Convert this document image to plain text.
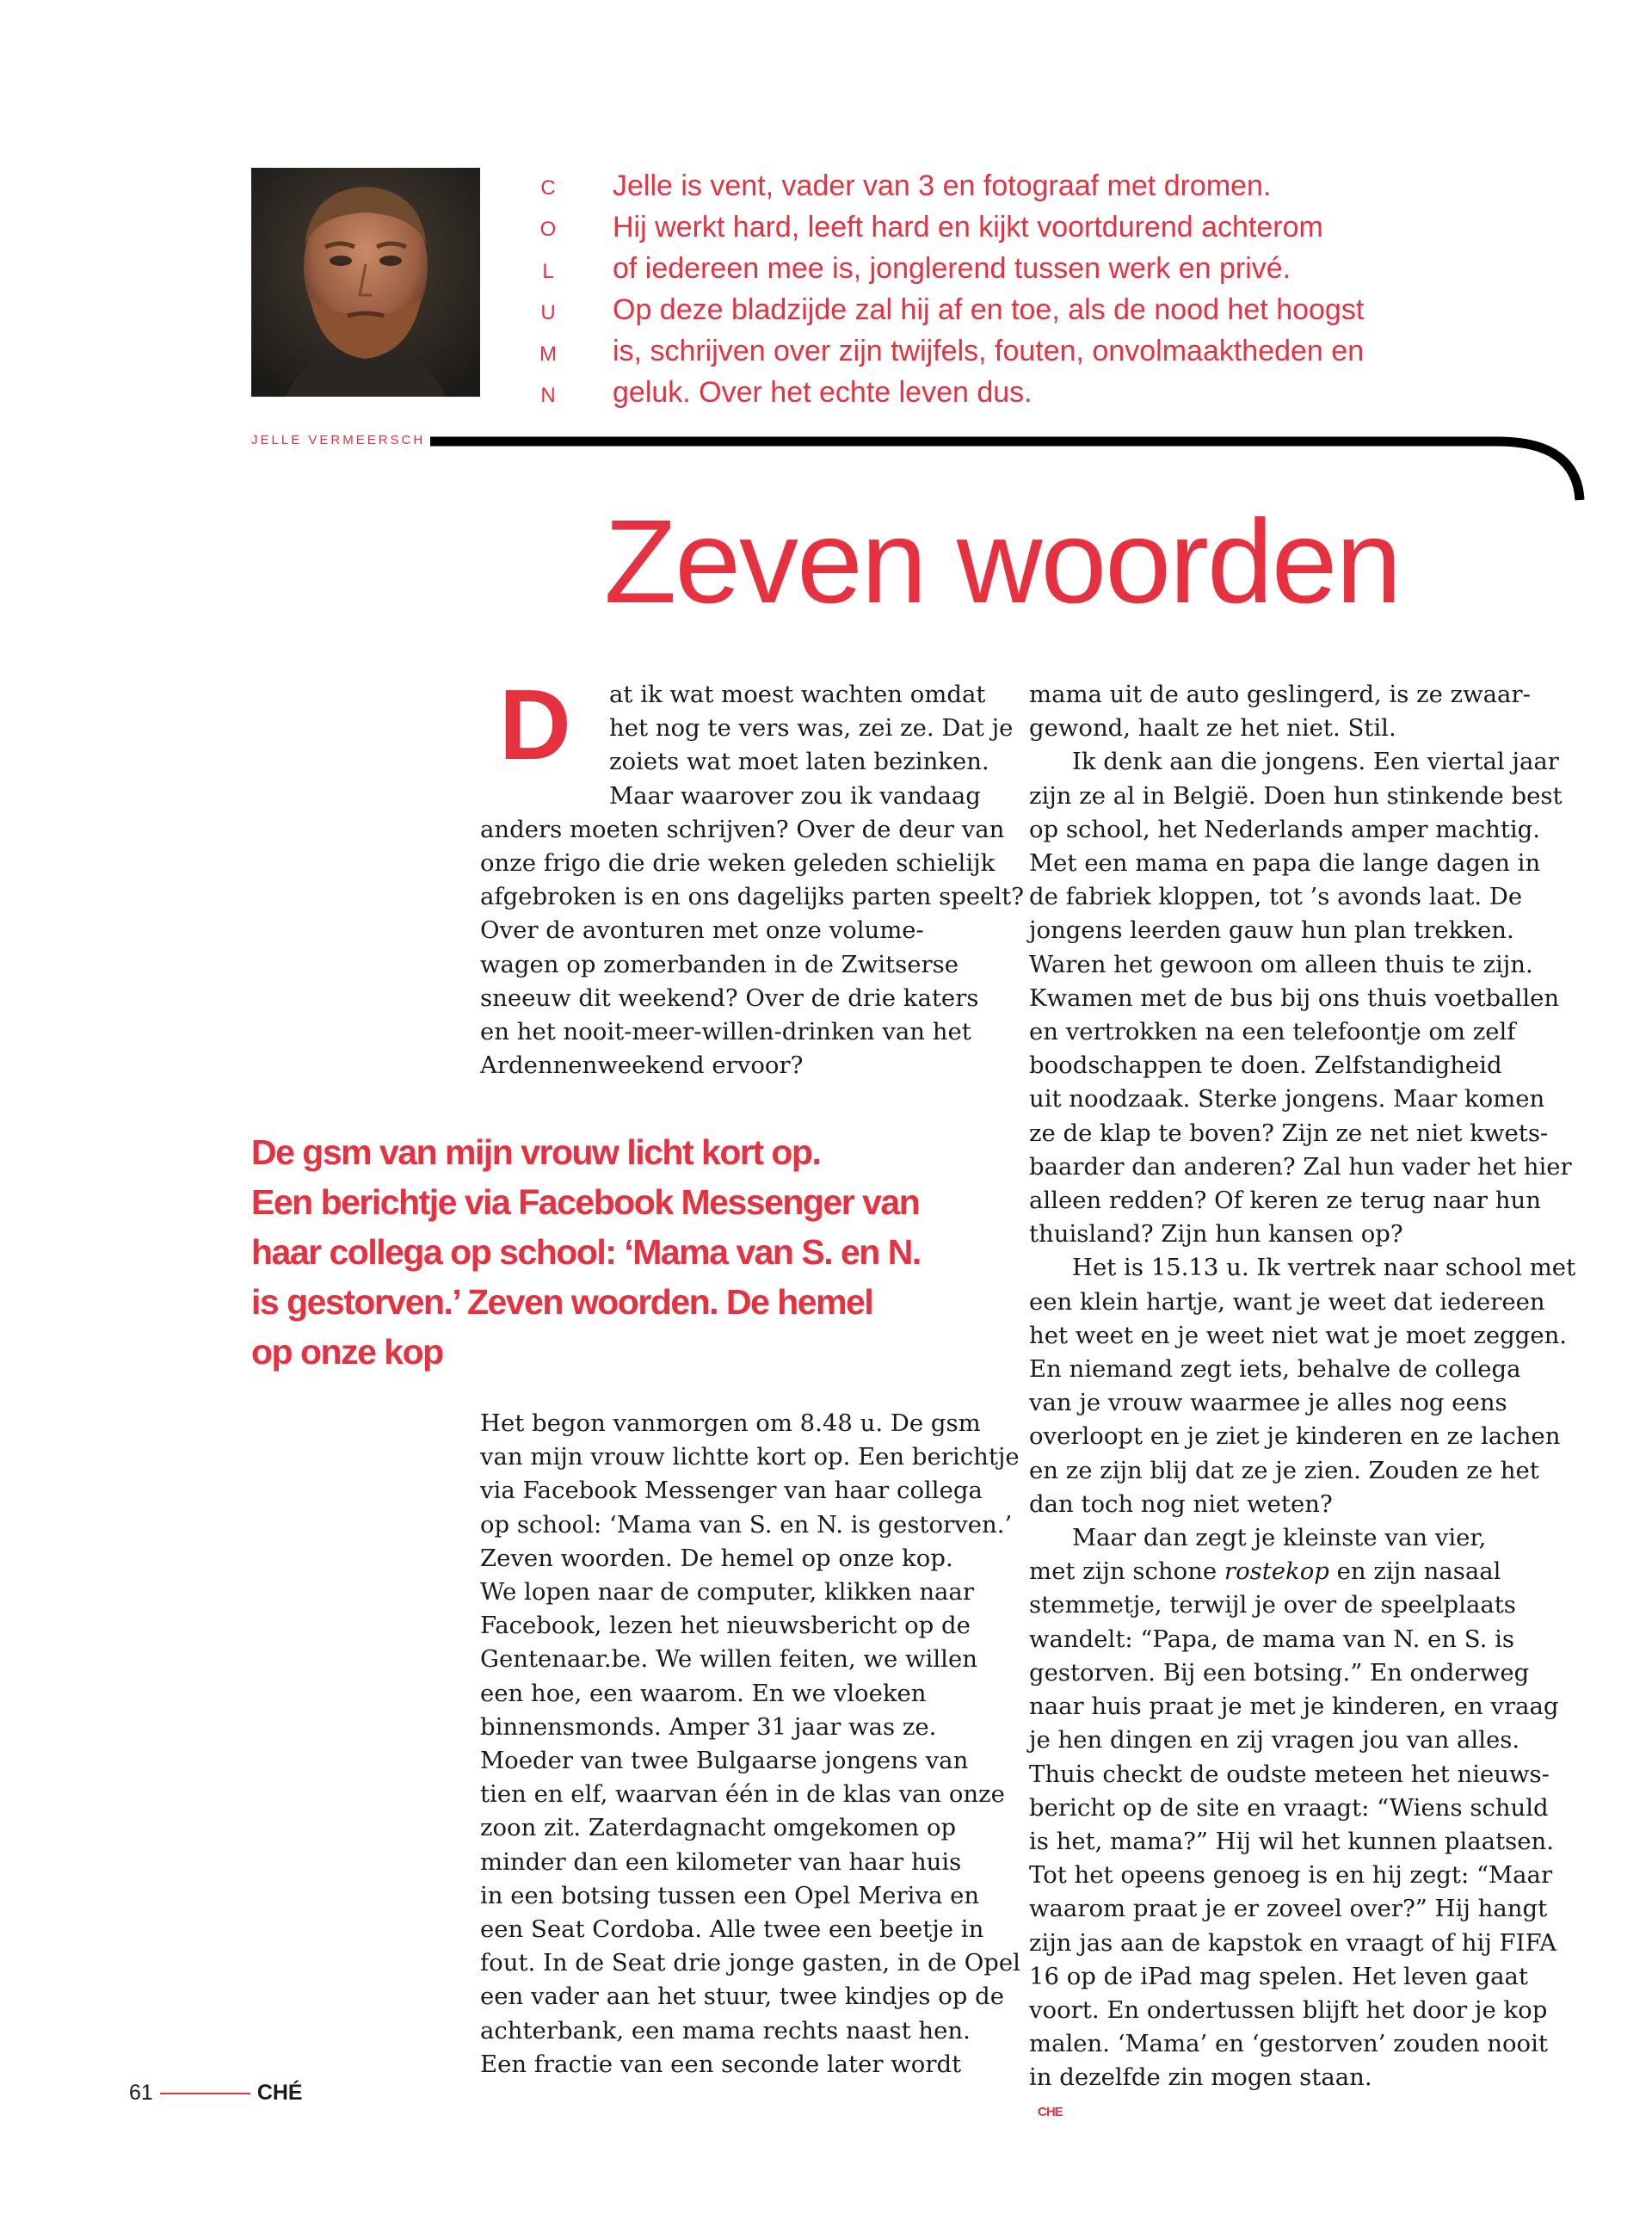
C
O
L
U
M
N
Jelle is vent, vader van 3 en fotograaf met dromen.
Hij werkt hard, leeft hard en kijkt voortdurend achterom
of iedereen mee is, jonglerend tussen werk en privé.
Op deze bladzijde zal hij af en toe, als de nood het hoogst
is, schrijven over zijn twijfels, fouten, onvolmaaktheden en
geluk. Over het echte leven dus.
JELLE VERMEERSCH
Zeven woorden
D	at ik wat moest wachten omdat
het nog te vers was, zei ze. Dat je
zoiets wat moet laten bezinken.
Maar waarover zou ik vandaag
anders moeten schrijven? Over de deur van
onze frigo die drie weken geleden schielijk
afgebroken is en ons dagelijks parten speelt?
Over de avonturen met onze volume-
wagen op zomerbanden in de Zwitserse
sneeuw dit weekend? Over de drie katers
en het nooit-meer-willen-drinken van het
Ardennenweekend ervoor?
De gsm van mijn vrouw licht kort op.
Een berichtje via Facebook Messenger van
haar collega op school: ‘Mama van S. en N.
is gestorven.’ Zeven woorden. De hemel
op onze kop
Het begon vanmorgen om 8.48 u. De gsm
van mijn vrouw lichtte kort op. Een berichtje
via Facebook Messenger van haar collega
op school: ‘Mama van S. en N. is gestorven.’
Zeven woorden. De hemel op onze kop.
We lopen naar de computer, klikken naar
Facebook, lezen het nieuwsbericht op de
Gentenaar.be. We willen feiten, we willen
een hoe, een waarom. En we vloeken
binnensmonds. Amper 31 jaar was ze.
Moeder van twee Bulgaarse jongens van
tien en elf, waarvan één in de klas van onze
zoon zit. Zaterdagnacht omgekomen op
minder dan een kilometer van haar huis
in een botsing tussen een Opel Meriva en
een Seat Cordoba. Alle twee een beetje in
fout. In de Seat drie jonge gasten, in de Opel
een vader aan het stuur, twee kindjes op de
achterbank, een mama rechts naast hen.
Een fractie van een seconde later wordt
mama uit de auto geslingerd, is ze zwaar-
gewond, haalt ze het niet. Stil.
Ik denk aan die jongens. Een viertal jaar
zijn ze al in België. Doen hun stinkende best
op school, het Nederlands amper machtig.
Met een mama en papa die lange dagen in
de fabriek kloppen, tot ’s avonds laat. De
jongens leerden gauw hun plan trekken.
Waren het gewoon om alleen thuis te zijn.
Kwamen met de bus bij ons thuis voetballen
en vertrokken na een telefoontje om zelf
boodschappen te doen. Zelfstandigheid
uit noodzaak. Sterke jongens. Maar komen
ze de klap te boven? Zijn ze net niet kwets-
baarder dan anderen? Zal hun vader het hier
alleen redden? Of keren ze terug naar hun
thuisland? Zijn hun kansen op?
Het is 15.13 u. Ik vertrek naar school met
een klein hartje, want je weet dat iedereen
het weet en je weet niet wat je moet zeggen.
En niemand zegt iets, behalve de collega
van je vrouw waarmee je alles nog eens
overloopt en je ziet je kinderen en ze lachen
en ze zijn blij dat ze je zien. Zouden ze het
dan toch nog niet weten?
Maar dan zegt je kleinste van vier,
met zijn schone rostekop en zijn nasaal
stemmetje, terwijl je over de speelplaats
wandelt: “Papa, de mama van N. en S. is
gestorven. Bij een botsing.” En onderweg
naar huis praat je met je kinderen, en vraag
je hen dingen en zij vragen jou van alles.
Thuis checkt de oudste meteen het nieuws-
bericht op de site en vraagt: “Wiens schuld
is het, mama?” Hij wil het kunnen plaatsen.
Tot het opeens genoeg is en hij zegt: “Maar
waarom praat je er zoveel over?” Hij hangt
zijn jas aan de kapstok en vraagt of hij FIFA
16 op de iPad mag spelen. Het leven gaat
voort. En ondertussen blijft het door je kop
malen. ‘Mama’ en ‘gestorven’ zouden nooit
in dezelfde zin mogen staan.
CHE
61	CHÉ
